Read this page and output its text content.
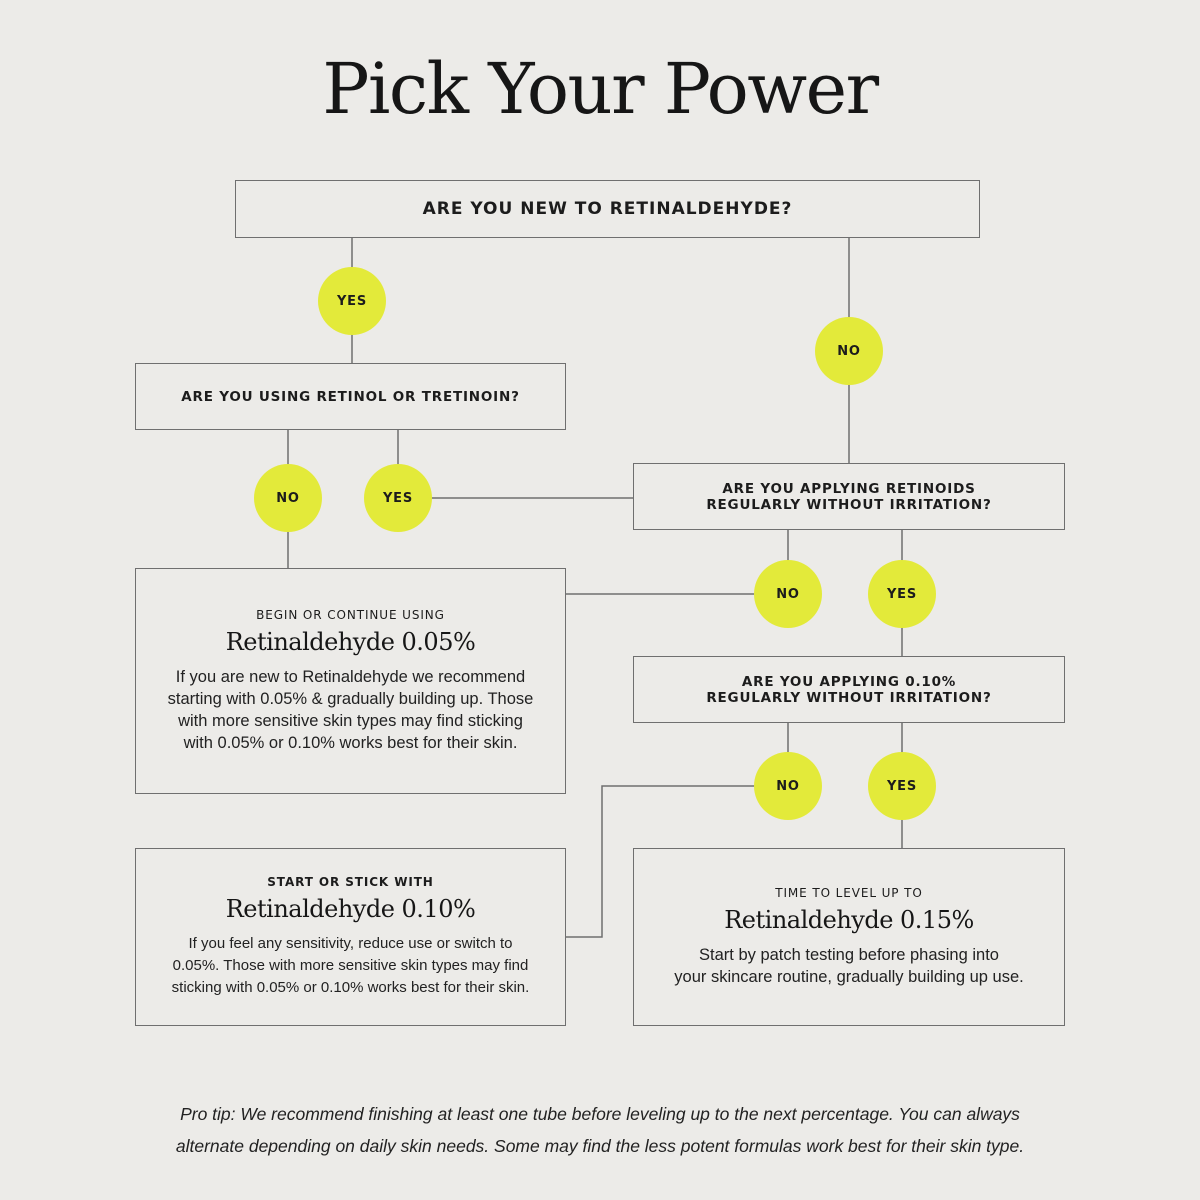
Pick Your Power
ARE YOU NEW TO RETINALDEHYDE?
YES
NO
ARE YOU USING RETINOL OR TRETINOIN?
NO	YES
ARE YOU APPLYING RETINOIDS
REGULARLY WITHOUT IRRITATION?
NO	YES
BEGIN OR CONTINUE USING
Retinaldehyde 0.05%
If you are new to Retinaldehyde we recommend
starting with 0.05% & gradually building up. Those
with more sensitive skin types may find sticking
with 0.05% or 0.10% works best for their skin.
ARE YOU APPLYING 0.10%
REGULARLY WITHOUT IRRITATION?
NO	YES
START OR STICK WITH
Retinaldehyde 0.10%
If you feel any sensitivity, reduce use or switch to
0.05%. Those with more sensitive skin types may find
sticking with 0.05% or 0.10% works best for their skin.
TIME TO LEVEL UP TO
Retinaldehyde 0.15%
Start by patch testing before phasing into
your skincare routine, gradually building up use.
Pro tip: We recommend finishing at least one tube before leveling up to the next percentage. You can always
alternate depending on daily skin needs. Some may find the less potent formulas work best for their skin type.
